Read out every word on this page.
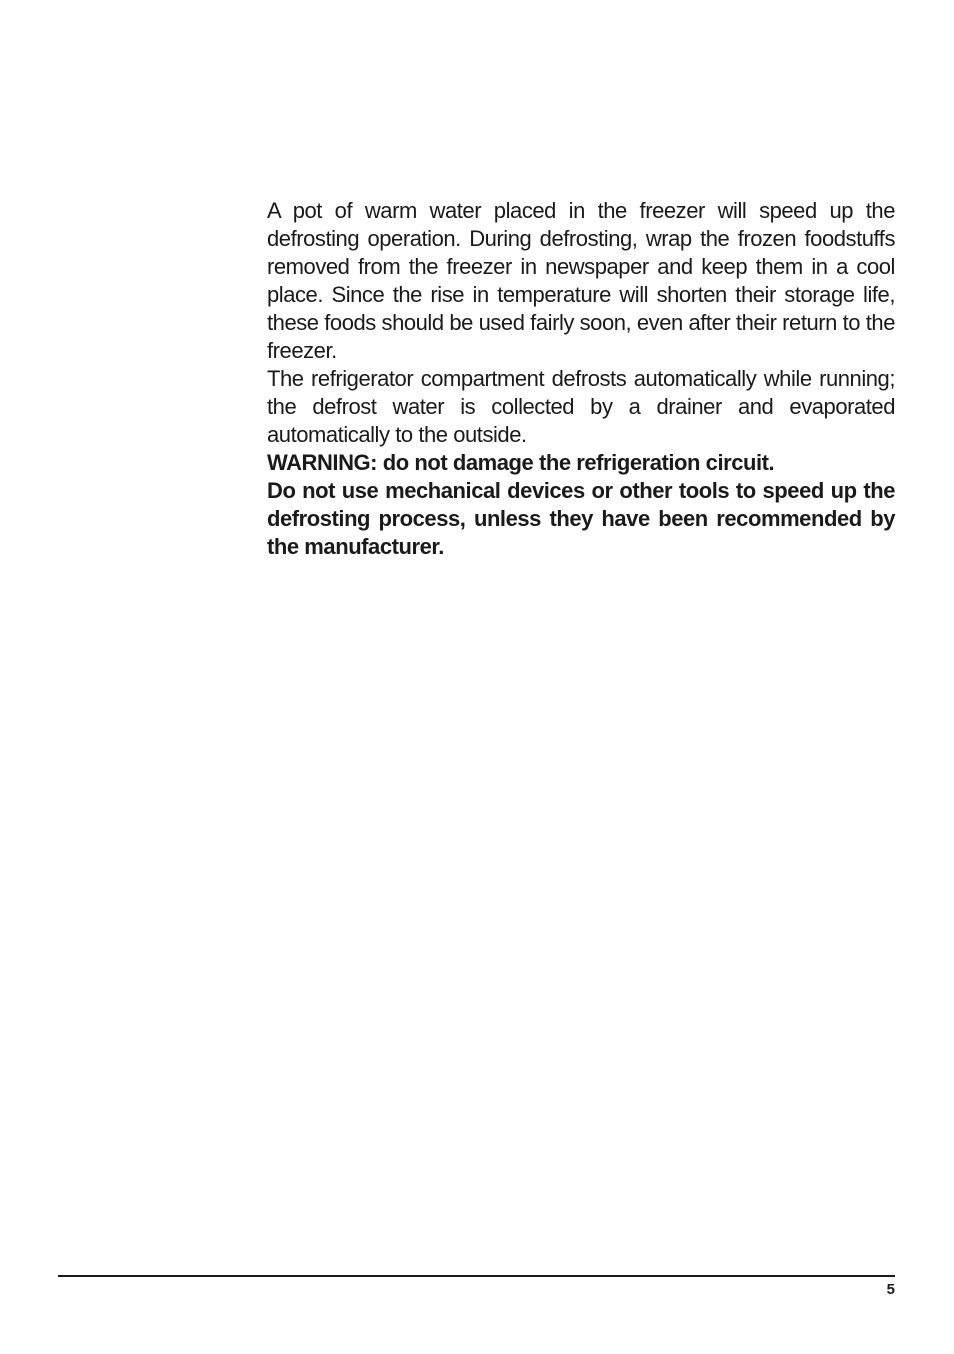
A pot of warm water placed in the freezer will speed up the defrosting operation. During defrosting, wrap the frozen foodstuffs removed from the freezer in newspaper and keep them in a cool place. Since the rise in temperature will shorten their storage life, these foods should be used fairly soon, even after their return to the freezer.

The refrigerator compartment defrosts automatically while running; the defrost water is collected by a drainer and evaporated automatically to the outside.

WARNING: do not damage the refrigeration circuit.

Do not use mechanical devices or other tools to speed up the defrosting process, unless they have been recommended by the manufacturer.

5
